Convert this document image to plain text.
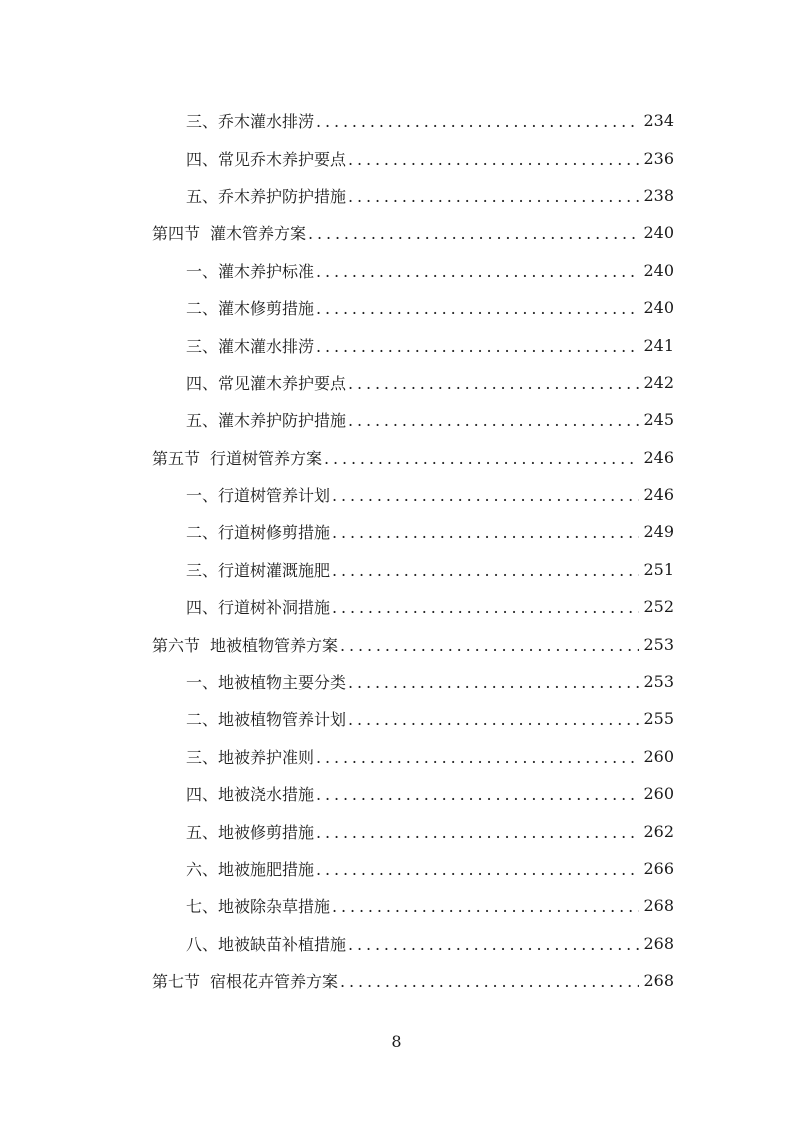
三、 乔木灌水排涝 . . .	234
四、 常见乔木养护要点 . . .	236
五、 乔木养护防护措施 . . .	238
第四节 灌木管养方案 . . .	240
一、 灌木养护标准 . . .	240
二、 灌木修剪措施 . . .	240
三、 灌木灌水排涝 . . .	241
四、 常见灌木养护要点 . . .	242
五、 灌木养护防护措施 . . .	245
第五节 行道树管养方案 . . .	246
一、 行道树管养计划 . . .	246
二、 行道树修剪措施 . . .	249
三、 行道树灌溉施肥 . . .	251
四、 行道树补洞措施 . . .	252
第六节 地被植物管养方案 . . .	253
一、 地被植物主要分类 . . .	253
二、 地被植物管养计划 . . .	255
三、 地被养护准则 . . .	260
四、 地被浇水措施 . . .	260
五、 地被修剪措施 . . .	262
六、 地被施肥措施 . . .	266
七、 地被除杂草措施 . . .	268
八、 地被缺苗补植措施 . . .	268
第七节 宿根花卉管养方案 . . .	268
8
